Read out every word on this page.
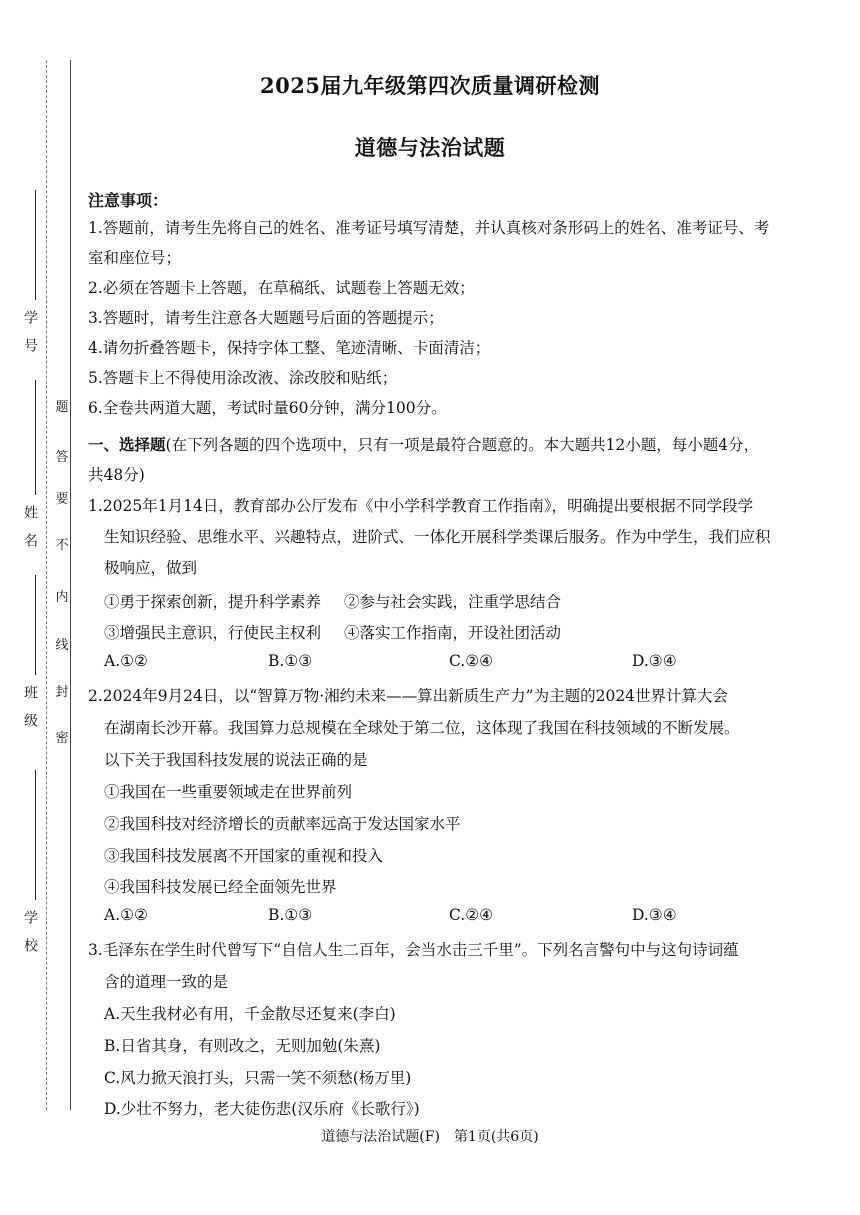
学号
姓名
班级
学校
题
答
要
不
内
线
封
密
2025届九年级第四次质量调研检测
道德与法治试题
注意事项：
1.答题前，请考生先将自己的姓名、准考证号填写清楚，并认真核对条形码上的姓名、准考证号、考
室和座位号；
2.必须在答题卡上答题，在草稿纸、试题卷上答题无效；
3.答题时，请考生注意各大题题号后面的答题提示；
4.请勿折叠答题卡，保持字体工整、笔迹清晰、卡面清洁；
5.答题卡上不得使用涂改液、涂改胶和贴纸；
6.全卷共两道大题，考试时量60分钟，满分100分。
一、选择题(在下列各题的四个选项中，只有一项是最符合题意的。本大题共12小题，每小题4分，
共48分)
1.2025年1月14日，教育部办公厅发布《中小学科学教育工作指南》，明确提出要根据不同学段学
生知识经验、思维水平、兴趣特点，进阶式、一体化开展科学类课后服务。作为中学生，我们应积
极响应，做到
①勇于探索创新，提升科学素养 ②参与社会实践，注重学思结合
③增强民主意识，行使民主权利 ④落实工作指南，开设社团活动
A.①②	B.①③	C.②④	D.③④
2.2024年9月24日，以“智算万物·湘约未来——算出新质生产力”为主题的2024世界计算大会
在湖南长沙开幕。我国算力总规模在全球处于第二位，这体现了我国在科技领域的不断发展。
以下关于我国科技发展的说法正确的是
①我国在一些重要领域走在世界前列
②我国科技对经济增长的贡献率远高于发达国家水平
③我国科技发展离不开国家的重视和投入
④我国科技发展已经全面领先世界
A.①②	B.①③	C.②④	D.③④
3.毛泽东在学生时代曾写下“自信人生二百年，会当水击三千里”。下列名言警句中与这句诗词蕴
含的道理一致的是
A.天生我材必有用，千金散尽还复来(李白)
B.日省其身，有则改之，无则加勉(朱熹)
C.风力掀天浪打头，只需一笑不须愁(杨万里)
D.少壮不努力，老大徒伤悲(汉乐府《长歌行》)
道德与法治试题(F)　第1页(共6页)
